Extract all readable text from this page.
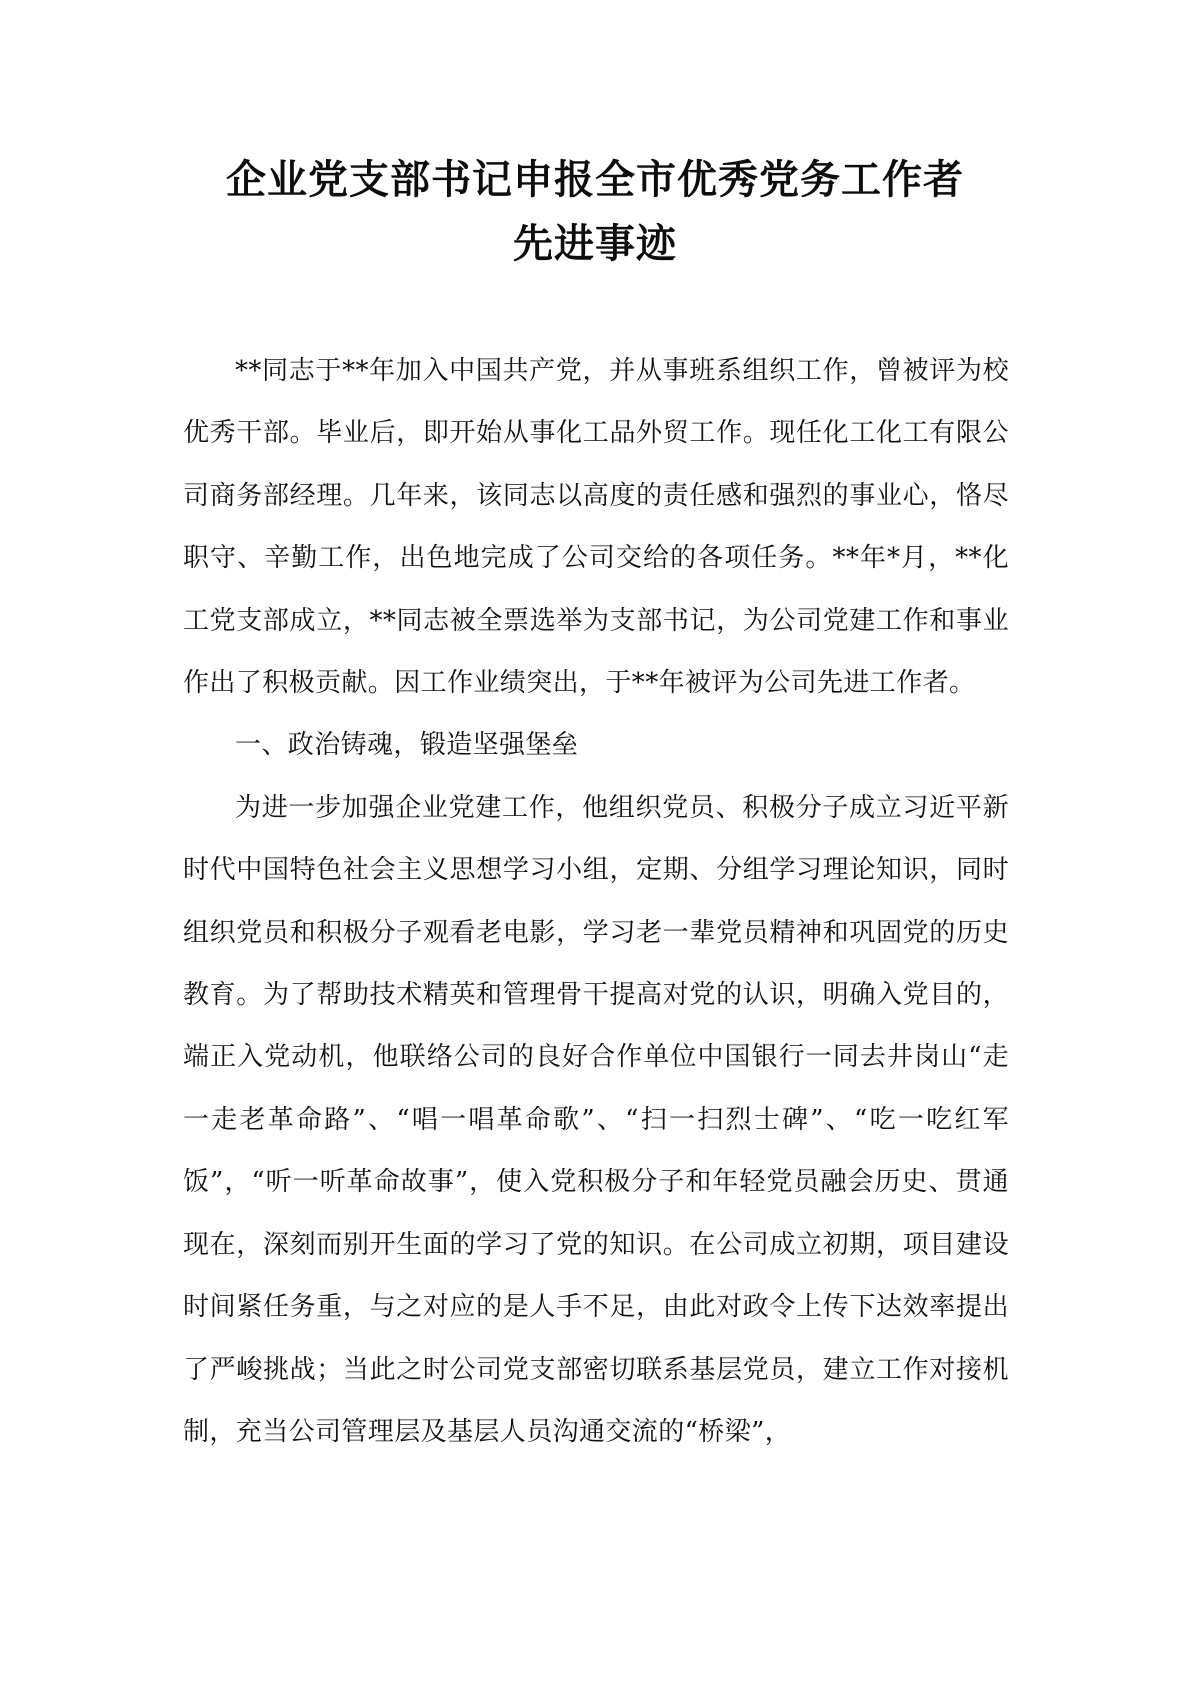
企业党支部书记申报全市优秀党务工作者
先进事迹

**同志于**年加入中国共产党，并从事班系组织工作，曾被评为校优秀干部。毕业后，即开始从事化工品外贸工作。现任化工化工有限公司商务部经理。几年来，该同志以高度的责任感和强烈的事业心，恪尽职守、辛勤工作，出色地完成了公司交给的各项任务。**年*月，**化工党支部成立，**同志被全票选举为支部书记，为公司党建工作和事业作出了积极贡献。因工作业绩突出，于**年被评为公司先进工作者。

一、政治铸魂，锻造坚强堡垒

为进一步加强企业党建工作，他组织党员、积极分子成立习近平新时代中国特色社会主义思想学习小组，定期、分组学习理论知识，同时组织党员和积极分子观看老电影，学习老一辈党员精神和巩固党的历史教育。为了帮助技术精英和管理骨干提高对党的认识，明确入党目的，端正入党动机，他联络公司的良好合作单位中国银行一同去井岗山“走一走老革命路”、“唱一唱革命歌”、“扫一扫烈士碑”、“吃一吃红军饭”，“听一听革命故事”，使入党积极分子和年轻党员融会历史、贯通现在，深刻而别开生面的学习了党的知识。在公司成立初期，项目建设时间紧任务重，与之对应的是人手不足，由此对政令上传下达效率提出了严峻挑战；当此之时公司党支部密切联系基层党员，建立工作对接机制，充当公司管理层及基层人员沟通交流的“桥梁”，
